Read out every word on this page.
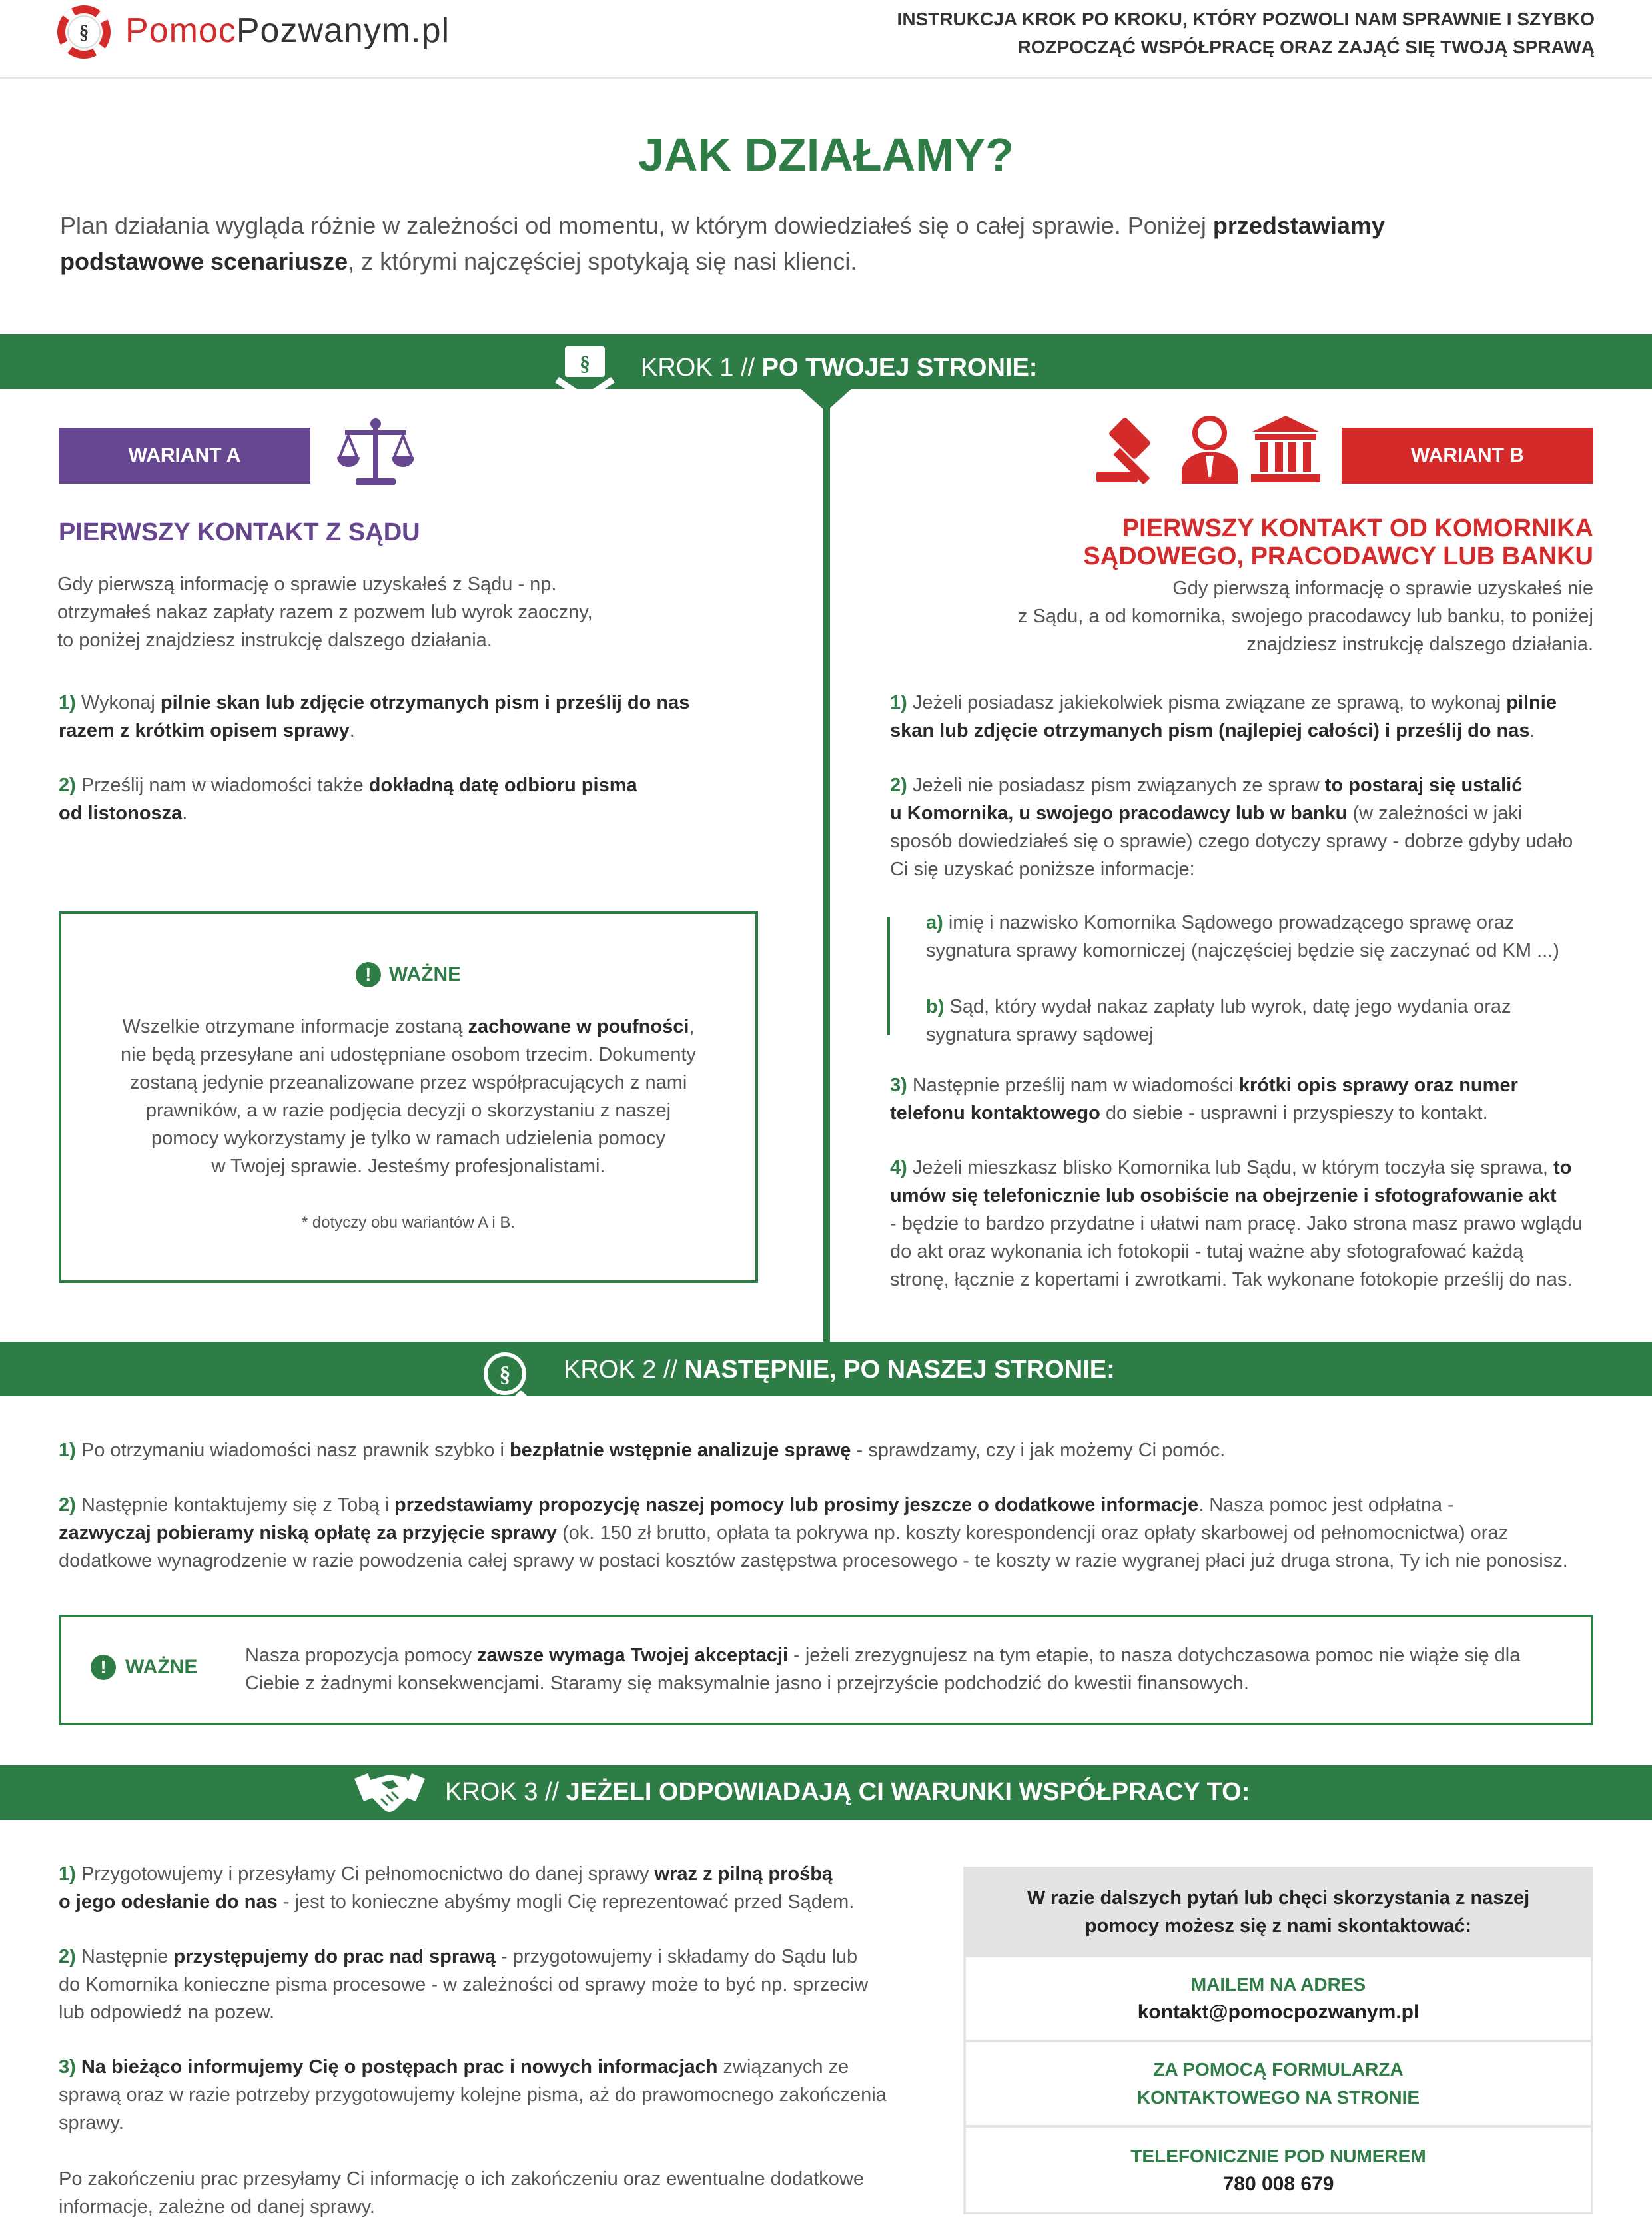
§ PomocPozwanym.pl	INSTRUKCJA KROK PO KROKU, KTÓRY POZWOLI NAM SPRAWNIE I SZYBKO
ROZPOCZĄĆ WSPÓŁPRACĘ ORAZ ZAJĄĆ SIĘ TWOJĄ SPRAWĄ
JAK DZIAŁAMY?
Plan działania wygląda różnie w zależności od momentu, w którym dowiedziałeś się o całej sprawie. Poniżej przedstawiamy
podstawowe scenariusze, z którymi najczęściej spotykają się nasi klienci.
§ KROK 1 // PO TWOJEJ STRONIE:
WARIANT A
PIERWSZY KONTAKT Z SĄDU
Gdy pierwszą informację o sprawie uzyskałeś z Sądu - np.
otrzymałeś nakaz zapłaty razem z pozwem lub wyrok zaoczny,
to poniżej znajdziesz instrukcję dalszego działania.
1) Wykonaj pilnie skan lub zdjęcie otrzymanych pism i prześlij do nas
razem z krótkim opisem sprawy.
2) Prześlij nam w wiadomości także dokładną datę odbioru pisma
od listonosza.
! WAŻNE
Wszelkie otrzymane informacje zostaną zachowane w poufności,
nie będą przesyłane ani udostępniane osobom trzecim. Dokumenty
zostaną jedynie przeanalizowane przez współpracujących z nami
prawników, a w razie podjęcia decyzji o skorzystaniu z naszej
pomocy wykorzystamy je tylko w ramach udzielenia pomocy
w Twojej sprawie. Jesteśmy profesjonalistami.
* dotyczy obu wariantów A i B.
WARIANT B
PIERWSZY KONTAKT OD KOMORNIKA
SĄDOWEGO, PRACODAWCY LUB BANKU
Gdy pierwszą informację o sprawie uzyskałeś nie
z Sądu, a od komornika, swojego pracodawcy lub banku, to poniżej
znajdziesz instrukcję dalszego działania.
1) Jeżeli posiadasz jakiekolwiek pisma związane ze sprawą, to wykonaj pilnie
skan lub zdjęcie otrzymanych pism (najlepiej całości) i prześlij do nas.
2) Jeżeli nie posiadasz pism związanych ze spraw to postaraj się ustalić
u Komornika, u swojego pracodawcy lub w banku (w zależności w jaki
sposób dowiedziałeś się o sprawie) czego dotyczy sprawy - dobrze gdyby udało
Ci się uzyskać poniższe informacje:
a) imię i nazwisko Komornika Sądowego prowadzącego sprawę oraz
sygnatura sprawy komorniczej (najczęściej będzie się zaczynać od KM ...)
b) Sąd, który wydał nakaz zapłaty lub wyrok, datę jego wydania oraz
sygnatura sprawy sądowej
3) Następnie prześlij nam w wiadomości krótki opis sprawy oraz numer
telefonu kontaktowego do siebie - usprawni i przyspieszy to kontakt.
4) Jeżeli mieszkasz blisko Komornika lub Sądu, w którym toczyła się sprawa, to
umów się telefonicznie lub osobiście na obejrzenie i sfotografowanie akt
- będzie to bardzo przydatne i ułatwi nam pracę. Jako strona masz prawo wglądu
do akt oraz wykonania ich fotokopii - tutaj ważne aby sfotografować każdą
stronę, łącznie z kopertami i zwrotkami. Tak wykonane fotokopie prześlij do nas.
§ KROK 2 // NASTĘPNIE, PO NASZEJ STRONIE:
1) Po otrzymaniu wiadomości nasz prawnik szybko i bezpłatnie wstępnie analizuje sprawę - sprawdzamy, czy i jak możemy Ci pomóc.
2) Następnie kontaktujemy się z Tobą i przedstawiamy propozycję naszej pomocy lub prosimy jeszcze o dodatkowe informacje. Nasza pomoc jest odpłatna -
zazwyczaj pobieramy niską opłatę za przyjęcie sprawy (ok. 150 zł brutto, opłata ta pokrywa np. koszty korespondencji oraz opłaty skarbowej od pełnomocnictwa) oraz
dodatkowe wynagrodzenie w razie powodzenia całej sprawy w postaci kosztów zastępstwa procesowego - te koszty w razie wygranej płaci już druga strona, Ty ich nie ponosisz.
! WAŻNE
Nasza propozycja pomocy zawsze wymaga Twojej akceptacji - jeżeli zrezygnujesz na tym etapie, to nasza dotychczasowa pomoc nie wiąże się dla
Ciebie z żadnymi konsekwencjami. Staramy się maksymalnie jasno i przejrzyście podchodzić do kwestii finansowych.
KROK 3 // JEŻELI ODPOWIADAJĄ CI WARUNKI WSPÓŁPRACY TO:
1) Przygotowujemy i przesyłamy Ci pełnomocnictwo do danej sprawy wraz z pilną prośbą
o jego odesłanie do nas - jest to konieczne abyśmy mogli Cię reprezentować przed Sądem.
2) Następnie przystępujemy do prac nad sprawą - przygotowujemy i składamy do Sądu lub
do Komornika konieczne pisma procesowe - w zależności od sprawy może to być np. sprzeciw
lub odpowiedź na pozew.
3) Na bieżąco informujemy Cię o postępach prac i nowych informacjach związanych ze
sprawą oraz w razie potrzeby przygotowujemy kolejne pisma, aż do prawomocnego zakończenia
sprawy.
Po zakończeniu prac przesyłamy Ci informację o ich zakończeniu oraz ewentualne dodatkowe
informacje, zależne od danej sprawy.
W razie dalszych pytań lub chęci skorzystania z naszej
pomocy możesz się z nami skontaktować:
MAILEM NA ADRES
kontakt@pomocpozwanym.pl
ZA POMOCĄ FORMULARZA
KONTAKTOWEGO NA STRONIE
TELEFONICZNIE POD NUMEREM
780 008 679
